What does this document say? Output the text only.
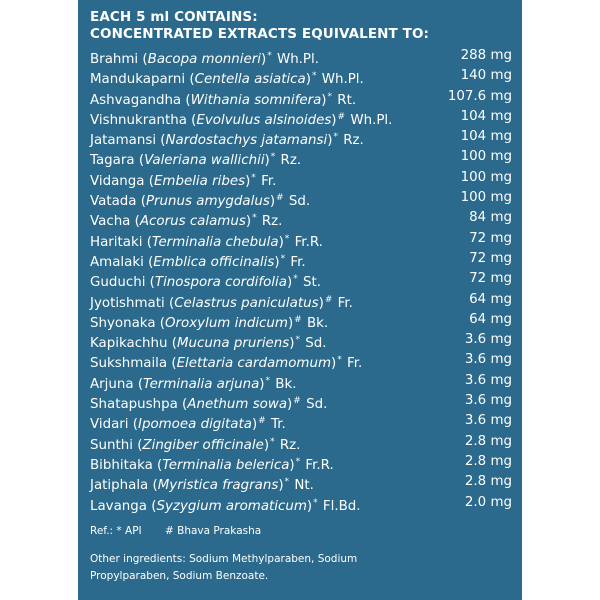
EACH 5 ml CONTAINS:
CONCENTRATED EXTRACTS EQUIVALENT TO:
Brahmi (Bacopa monnieri)* Wh.Pl.	288 mg
Mandukaparni (Centella asiatica)* Wh.Pl.	140 mg
Ashvagandha (Withania somnifera)* Rt.	107.6 mg
Vishnukrantha (Evolvulus alsinoides)# Wh.Pl.	104 mg
Jatamansi (Nardostachys jatamansi)* Rz.	104 mg
Tagara (Valeriana wallichii)* Rz.	100 mg
Vidanga (Embelia ribes)* Fr.	100 mg
Vatada (Prunus amygdalus)# Sd.	100 mg
Vacha (Acorus calamus)* Rz.	84 mg
Haritaki (Terminalia chebula)* Fr.R.	72 mg
Amalaki (Emblica officinalis)* Fr.	72 mg
Guduchi (Tinospora cordifolia)* St.	72 mg
Jyotishmati (Celastrus paniculatus)# Fr.	64 mg
Shyonaka (Oroxylum indicum)# Bk.	64 mg
Kapikachhu (Mucuna pruriens)* Sd.	3.6 mg
Sukshmaila (Elettaria cardamomum)* Fr.	3.6 mg
Arjuna (Terminalia arjuna)* Bk.	3.6 mg
Shatapushpa (Anethum sowa)# Sd.	3.6 mg
Vidari (Ipomoea digitata)# Tr.	3.6 mg
Sunthi (Zingiber officinale)* Rz.	2.8 mg
Bibhitaka (Terminalia belerica)* Fr.R.	2.8 mg
Jatiphala (Myristica fragrans)* Nt.	2.8 mg
Lavanga (Syzygium aromaticum)* Fl.Bd.	2.0 mg
Ref.: * API # Bhava Prakasha
Other ingredients: Sodium Methylparaben, Sodium Propylparaben, Sodium Benzoate.
